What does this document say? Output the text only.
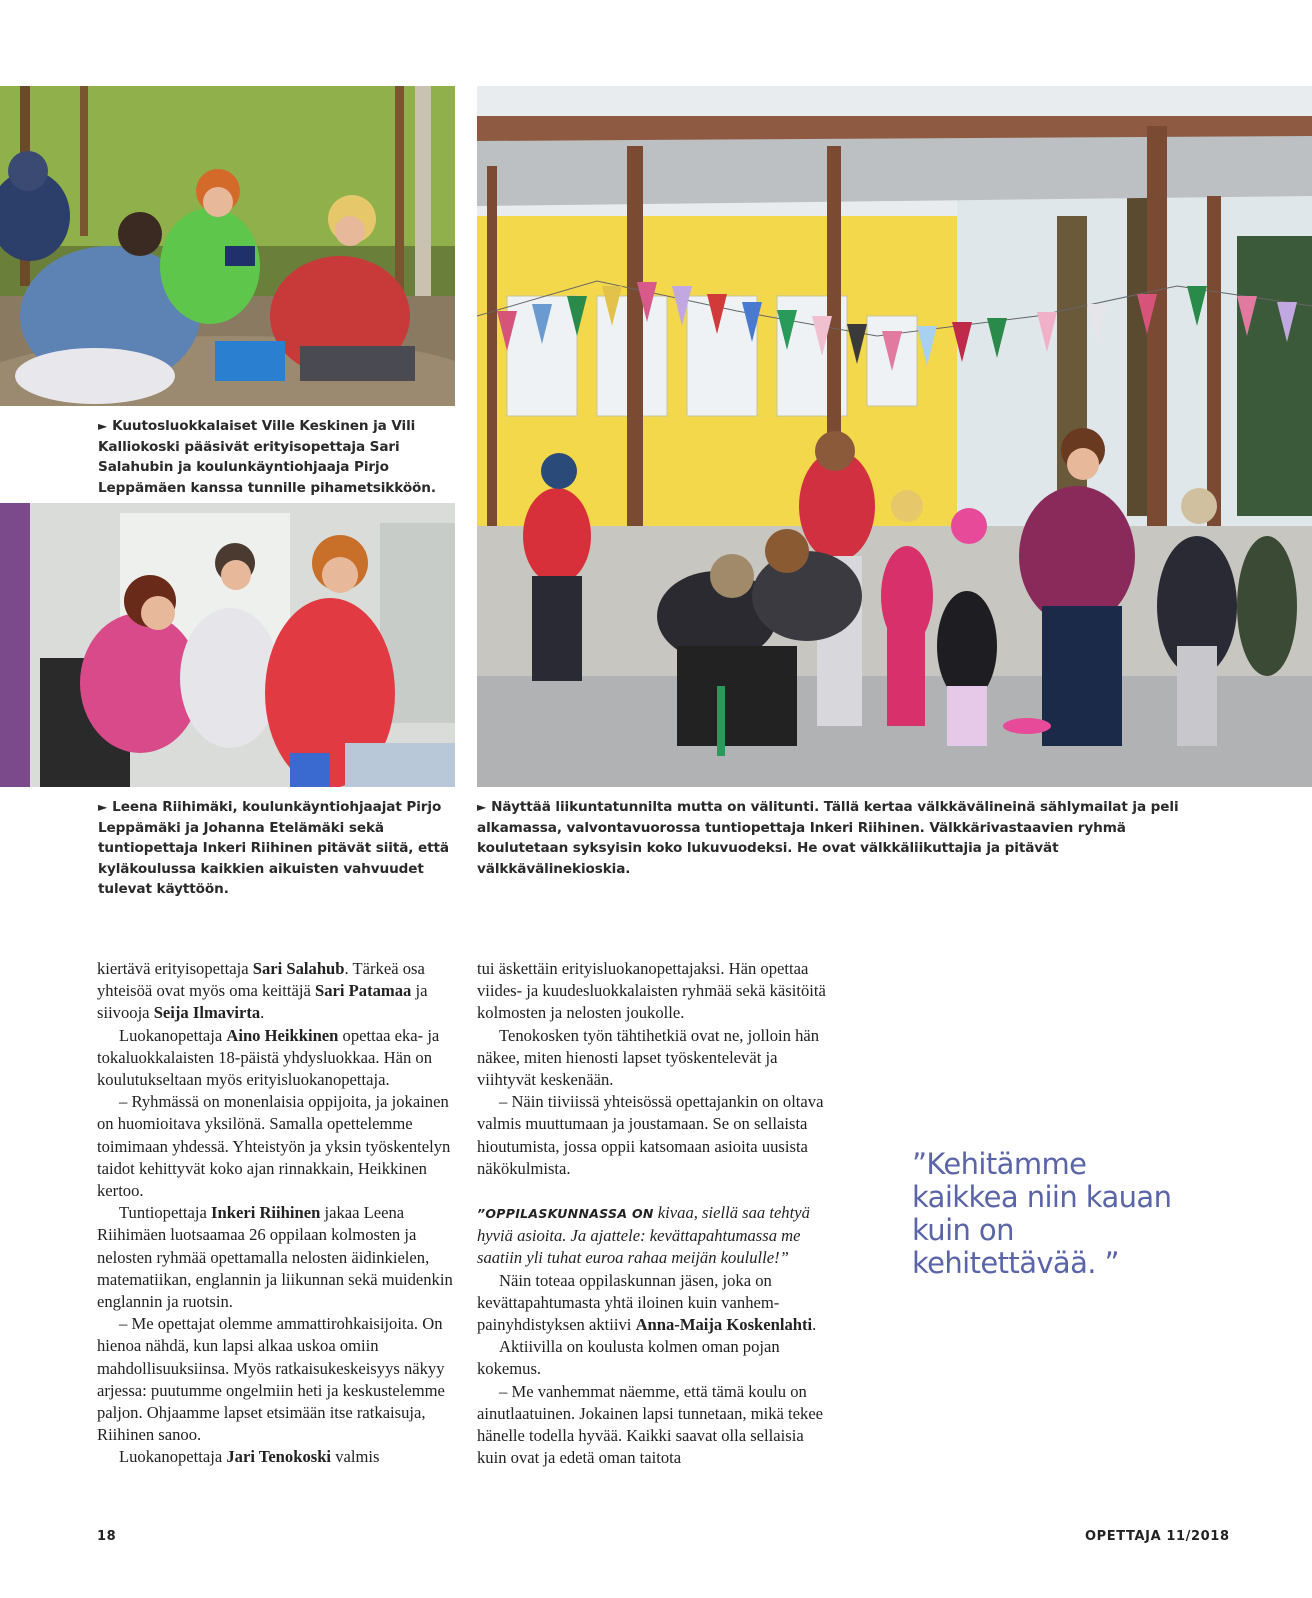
► Kuutosluokkalaiset Ville Keskinen ja Vili Kalliokoski pääsivät erityisopettaja Sari Salahubin ja koulunkäyntiohjaaja Pirjo Leppämäen kanssa tunnille pihametsikköön.

► Leena Riihimäki, koulunkäyntiohjaajat Pirjo Leppämäki ja Johanna Etelämäki sekä tuntiopettaja Inkeri Riihinen pitävät siitä, että kyläkoulussa kaikkien aikuisten vahvuudet tulevat käyttöön.

► Näyttää liikuntatunnilta mutta on välitunti. Tällä kertaa välkkävälineinä sählymailat ja peli alkamassa, valvontavuorossa tuntiopettaja Inkeri Riihinen. Välkkärivastaavien ryhmä koulutetaan syksyisin koko lukuvuodeksi. He ovat välkkäliikuttajia ja pitävät välkkävälinekioskia.

kiertävä erityisopettaja Sari Salahub. Tärkeä osa yhteisöä ovat myös oma keittäjä Sari Patamaa ja siivooja Seija Ilmavirta.

Luokanopettaja Aino Heikkinen opettaa eka- ja tokaluokkalaisten 18-päistä yhdysluokkaa. Hän on koulutukseltaan myös erityisluokanopettaja.

– Ryhmässä on monenlaisia oppijoita, ja jokainen on huomioitava yksilönä. Samalla opettelemme toimimaan yhdessä. Yhteistyön ja yksin työskentelyn taidot kehittyvät koko ajan rinnakkain, Heikkinen kertoo.

Tuntiopettaja Inkeri Riihinen jakaa Leena Riihimäen luotsaamaa 26 oppilaan kolmosten ja nelosten ryhmää opettamalla nelosten äidinkielen, matematiikan, englannin ja liikunnan sekä muidenkin englannin ja ruotsin.

– Me opettajat olemme ammattirohkaisijoita. On hienoa nähdä, kun lapsi alkaa uskoa omiin mahdollisuuksiinsa. Myös ratkaisukeskeisyys näkyy arjessa: puutumme ongelmiin heti ja keskustelemme paljon. Ohjaamme lapset etsimään itse ratkaisuja, Riihinen sanoo.

Luokanopettaja Jari Tenokoski valmis

tui äskettäin erityisluokanopettajaksi. Hän opettaa viides- ja kuudesluokkalaisten ryhmää sekä käsitöitä kolmosten ja nelosten joukolle.

Tenokosken työn tähtihetkiä ovat ne, jolloin hän näkee, miten hienosti lapset työskentelevät ja viihtyvät keskenään.

– Näin tiiviissä yhteisössä opettajankin on oltava valmis muuttumaan ja joustamaan. Se on sellaista hioutumista, jossa oppii katsomaan asioita uusista näkökulmista.

”OPPILASKUNNASSA ON kivaa, siellä saa tehtyä hyviä asioita. Ja ajattele: kevättapahtumassa me saatiin yli tuhat euroa rahaa meijän koululle!”

Näin toteaa oppilaskunnan jäsen, joka on kevättapahtumasta yhtä iloinen kuin vanhempainyhdistyksen aktiivi Anna-Maija Koskenlahti.

Aktiivilla on koulusta kolmen oman pojan kokemus.

– Me vanhemmat näemme, että tämä koulu on ainutlaatuinen. Jokainen lapsi tunnetaan, mikä tekee hänelle todella hyvää. Kaikki saavat olla sellaisia kuin ovat ja edetä oman taitota

”Kehitämme kaikkea niin kauan kuin on kehitettävää. ”
18	OPETTAJA 11/2018
